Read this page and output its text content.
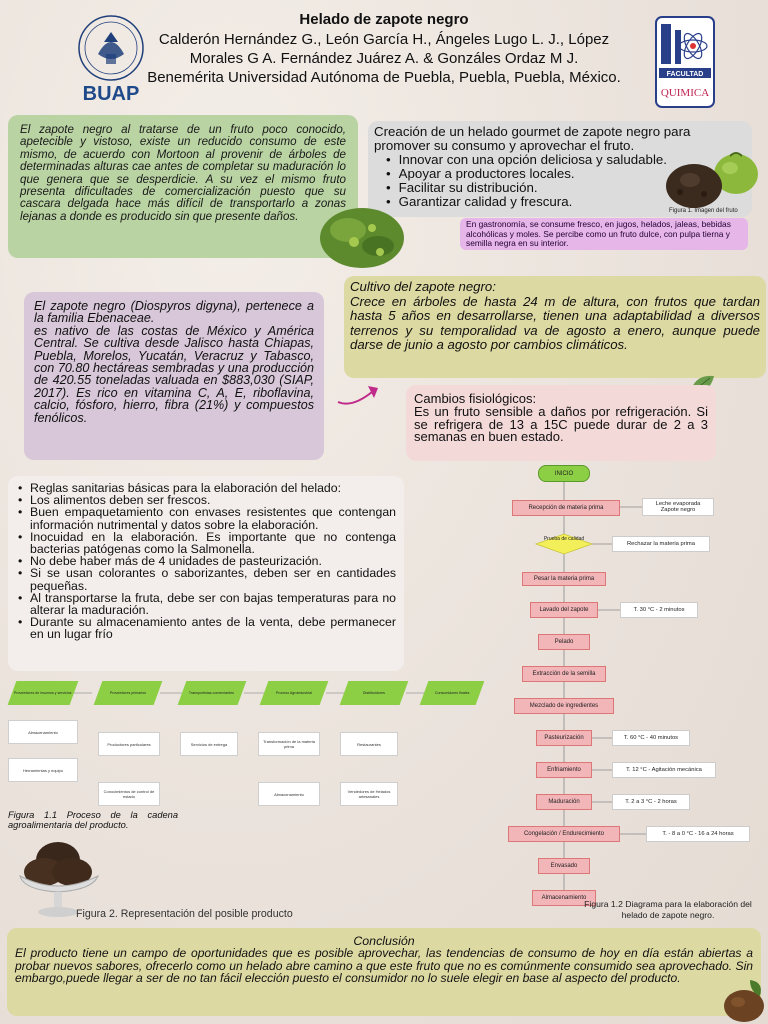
Helado de zapote negro
Calderón Hernández G., León García H., Ángeles Lugo L. J., López
Morales G A. Fernández Juárez A. & Gonzáles Ordaz M J.
Benemérita Universidad Autónoma de Puebla, Puebla, Puebla, México.
BUAP
FACULTAD
QUIMICA
El zapote negro al tratarse de un fruto poco conocido, apetecible y vistoso, existe un reducido consumo de este mismo, de acuerdo con Mortoon al provenir de árboles de determinadas alturas cae antes de completar su maduración lo que genera que se desperdicie. A su vez el mismo fruto presenta dificultades de comercialización puesto que su cascara delgada hace más difícil de transportarlo a zonas lejanas a donde es producido sin que presente daños.
Creación de un helado gourmet de zapote negro para promover su consumo y aprovechar el fruto.
• Innovar con una opción deliciosa y saludable.
• Apoyar a productores locales.
• Facilitar su distribución.
• Garantizar calidad y frescura.
Figura 1. Imagen del fruto
En gastronomía, se consume fresco, en jugos, helados, jaleas, bebidas alcohólicas y moles. Se percibe como un fruto dulce, con pulpa tierna y semilla negra en su interior.
El zapote negro (Diospyros digyna), pertenece a la familia Ebenaceae.
es nativo de las costas de México y América Central. Se cultiva desde Jalisco hasta Chiapas, Puebla, Morelos, Yucatán, Veracruz y Tabasco, con 70.80 hectáreas sembradas y una producción de 420.55 toneladas valuada en $883,030 (SIAP, 2017). Es rico en vitamina C, A, E, riboflavina, calcio, fósforo, hierro, fibra (21%) y compuestos fenólicos.
Cultivo del zapote negro:
Crece en árboles de hasta 24 m de altura, con frutos que tardan hasta 5 años en desarrollarse, tienen una adaptabilidad a diversos terrenos y su temporalidad va de agosto a enero, aunque puede darse de junio a agosto por cambios climáticos.
Cambios fisiológicos:
Es un fruto sensible a daños por refrigeración. Si se refrigera de 13 a 15C puede durar de 2 a 3 semanas en buen estado.
• Reglas sanitarias básicas para la elaboración del helado:
• Los alimentos deben ser frescos.
• Buen empaquetamiento con envases resistentes que contengan información nutrimental y datos sobre la elaboración.
• Inocuidad en la elaboración. Es importante que no contenga bacterias patógenas como la Salmonella.
• No debe haber más de 4 unidades de pasteurización.
• Si se usan colorantes o saborizantes, deben ser en cantidades pequeñas.
• Al transportarse la fruta, debe ser con bajas temperaturas para no alterar la maduración.
• Durante su almacenamiento antes de la venta, debe permanecer en un lugar frío
Proveedores de insumos y servicios	Proveedores primarios	Transportistas comerciantes	Proceso Agroindustrial	Distribuidores	Consumidores finales
Almacenamiento
Herramientas y equipo
Productores particulares
Conocimientos de control de estado
Servicios de entrega	Transformación de la materia prima
Almacenamiento
Restaurantes
Vendedores de Helados artesanales
Figura 1.1 Proceso de la cadena agroalimentaria del producto.
Figura 2. Representación del posible producto
INICIO
Recepción de materia prima
Prueba de calidad
Pesar la materia prima
Lavado del zapote
Pelado
Extracción de la semilla
Mezclado de ingredientes
Pasteurización
Enfriamiento
Maduración
Congelación / Endurecimiento
Envasado
Almacenamiento
Leche evaporada
Zapote negro
Rechazar la materia prima
T. 30 °C - 2 minutos
T. 60 °C - 40 minutos
T. 12 °C - Agitación mecánica
T. 2 a 3 °C - 2 horas
T. - 8 a 0 °C - 16 a 24 horas
Figura 1.2 Diagrama para la elaboración del helado de zapote negro.
Conclusión
El producto tiene un campo de oportunidades que es posible aprovechar, las tendencias de consumo de hoy en día están abiertas a probar nuevos sabores, ofrecerlo como un helado abre camino a que este fruto que no es comúnmente consumido sea aprovechado. Sin embargo,puede llegar a ser de no tan fácil elección puesto el consumidor no lo suele elegir en base al aspecto del producto.
